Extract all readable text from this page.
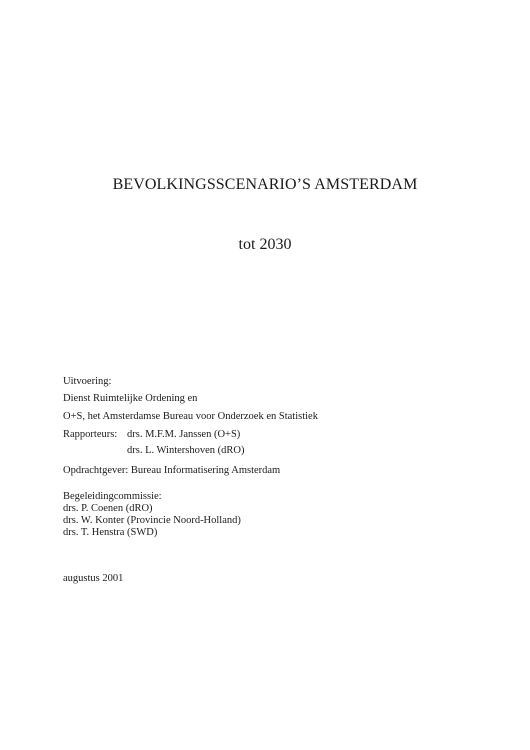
BEVOLKINGSSCENARIO’S AMSTERDAM
tot 2030
Uitvoering:
Dienst Ruimtelijke Ordening en
O+S, het Amsterdamse Bureau voor Onderzoek en Statistiek
Rapporteurs: drs. M.F.M. Janssen (O+S)
drs. L. Wintershoven (dRO)
Opdrachtgever: Bureau Informatisering Amsterdam
Begeleidingcommissie:
drs. P. Coenen (dRO)
drs. W. Konter (Provincie Noord-Holland)
drs. T. Henstra (SWD)
augustus 2001
